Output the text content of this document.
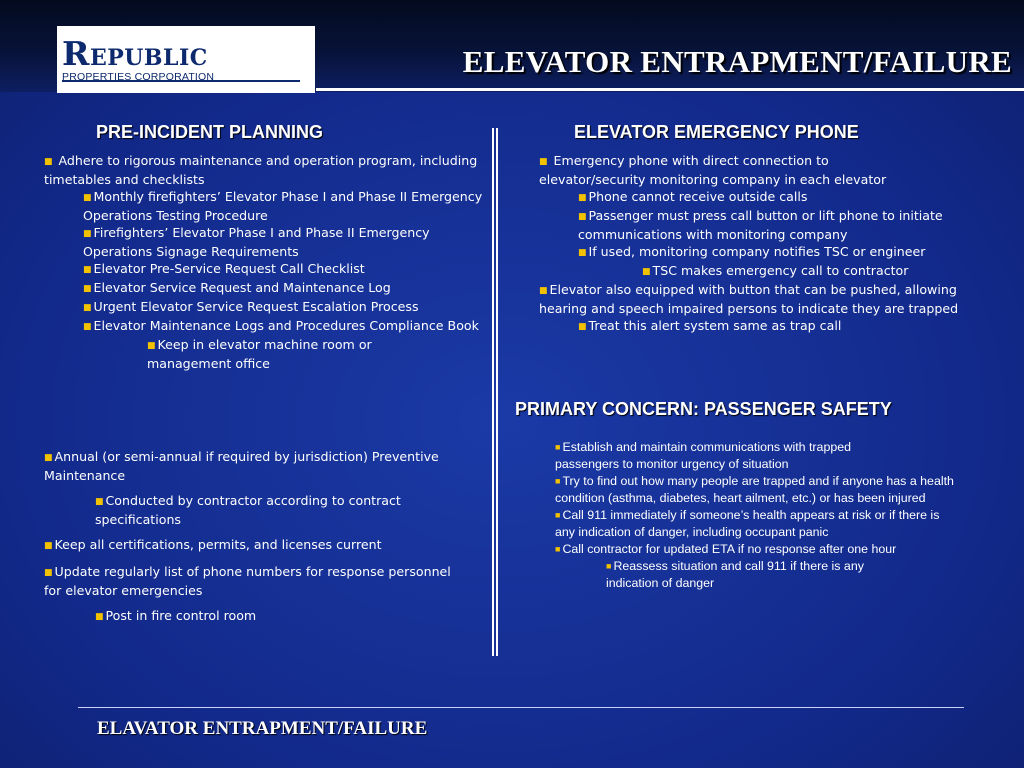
REPUBLIC
PROPERTIES CORPORATION	ELEVATOR ENTRAPMENT/FAILURE
PRE-INCIDENT PLANNING

■ Adhere to rigorous maintenance and operation program, including timetables and checklists

■ Monthly firefighters’ Elevator Phase I and Phase II Emergency Operations Testing Procedure

■ Firefighters’ Elevator Phase I and Phase II Emergency Operations Signage Requirements

■ Elevator Pre-Service Request Call Checklist

■ Elevator Service Request and Maintenance Log

■ Urgent Elevator Service Request Escalation Process

■ Elevator Maintenance Logs and Procedures Compliance Book

■ Keep in elevator machine room or management office

■ Annual (or semi-annual if required by jurisdiction) Preventive Maintenance

■ Conducted by contractor according to contract specifications

■ Keep all certifications, permits, and licenses current

■ Update regularly list of phone numbers for response personnel for elevator emergencies

■ Post in fire control room

ELEVATOR EMERGENCY PHONE

■ Emergency phone with direct connection to elevator/security monitoring company in each elevator

■ Phone cannot receive outside calls

■ Passenger must press call button or lift phone to initiate communications with monitoring company

■ If used, monitoring company notifies TSC or engineer

■ TSC makes emergency call to contractor

■ Elevator also equipped with button that can be pushed, allowing hearing and speech impaired persons to indicate they are trapped

■ Treat this alert system same as trap call

PRIMARY CONCERN: PASSENGER SAFETY

■ Establish and maintain communications with trapped passengers to monitor urgency of situation

■ Try to find out how many people are trapped and if anyone has a health condition (asthma, diabetes, heart ailment, etc.) or has been injured

■ Call 911 immediately if someone’s health appears at risk or if there is any indication of danger, including occupant panic

■ Call contractor for updated ETA if no response after one hour

■ Reassess situation and call 911 if there is any indication of danger

ELAVATOR ENTRAPMENT/FAILURE
